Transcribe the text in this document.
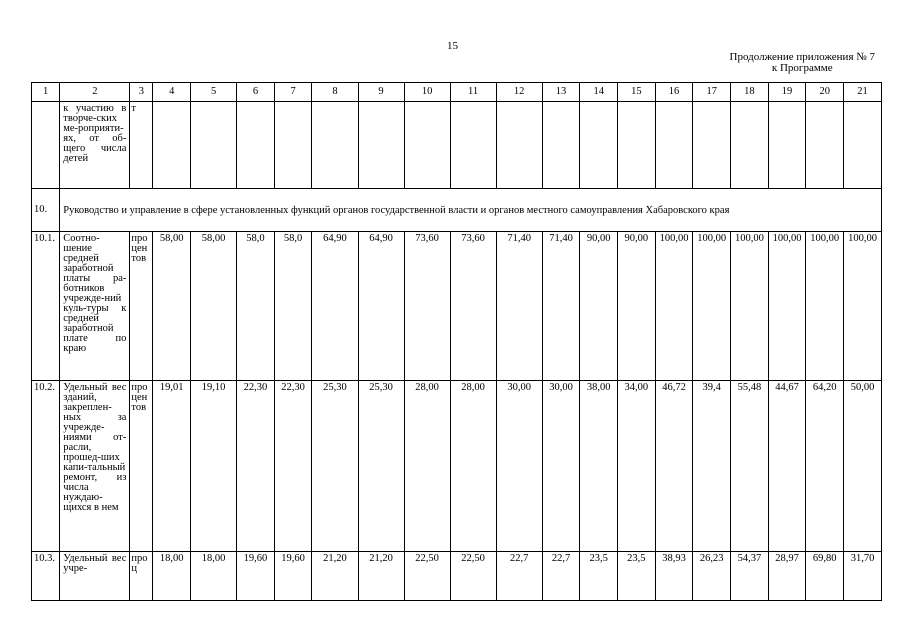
15
Продолжение приложения № 7
к Программе
1	2	3	4	5	6	7	8	9	10	11	12	13	14	15	16	17	18	19	20	21
	к участию в творче-ских ме-роприяти-ях, от об-щего числа детей	т																		
10.	Руководство и управление в сфере установленных функций органов государственной власти и органов местного самоуправления Хабаровского края																			
10.1.	Соотно-шение средней заработной платы ра-ботников учрежде-ний куль-туры к средней заработной плате по краю	процентов	58,00	58,00	58,0	58,0	64,90	64,90	73,60	73,60	71,40	71,40	90,00	90,00	100,00	100,00	100,00	100,00	100,00	100,00
10.2.	Удельный вес зданий, закреплен-ных за учрежде-ниями от-расли, прошед-ших капи-тальный ремонт, из числа нуждаю-щихся в нем	процентов	19,01	19,10	22,30	22,30	25,30	25,30	28,00	28,00	30,00	30,00	38,00	34,00	46,72	39,4	55,48	44,67	64,20	50,00
10.3.	Удельный вес учре-	проц	18,00	18,00	19,60	19,60	21,20	21,20	22,50	22,50	22,7	22,7	23,5	23,5	38,93	26,23	54,37	28,97	69,80	31,70
